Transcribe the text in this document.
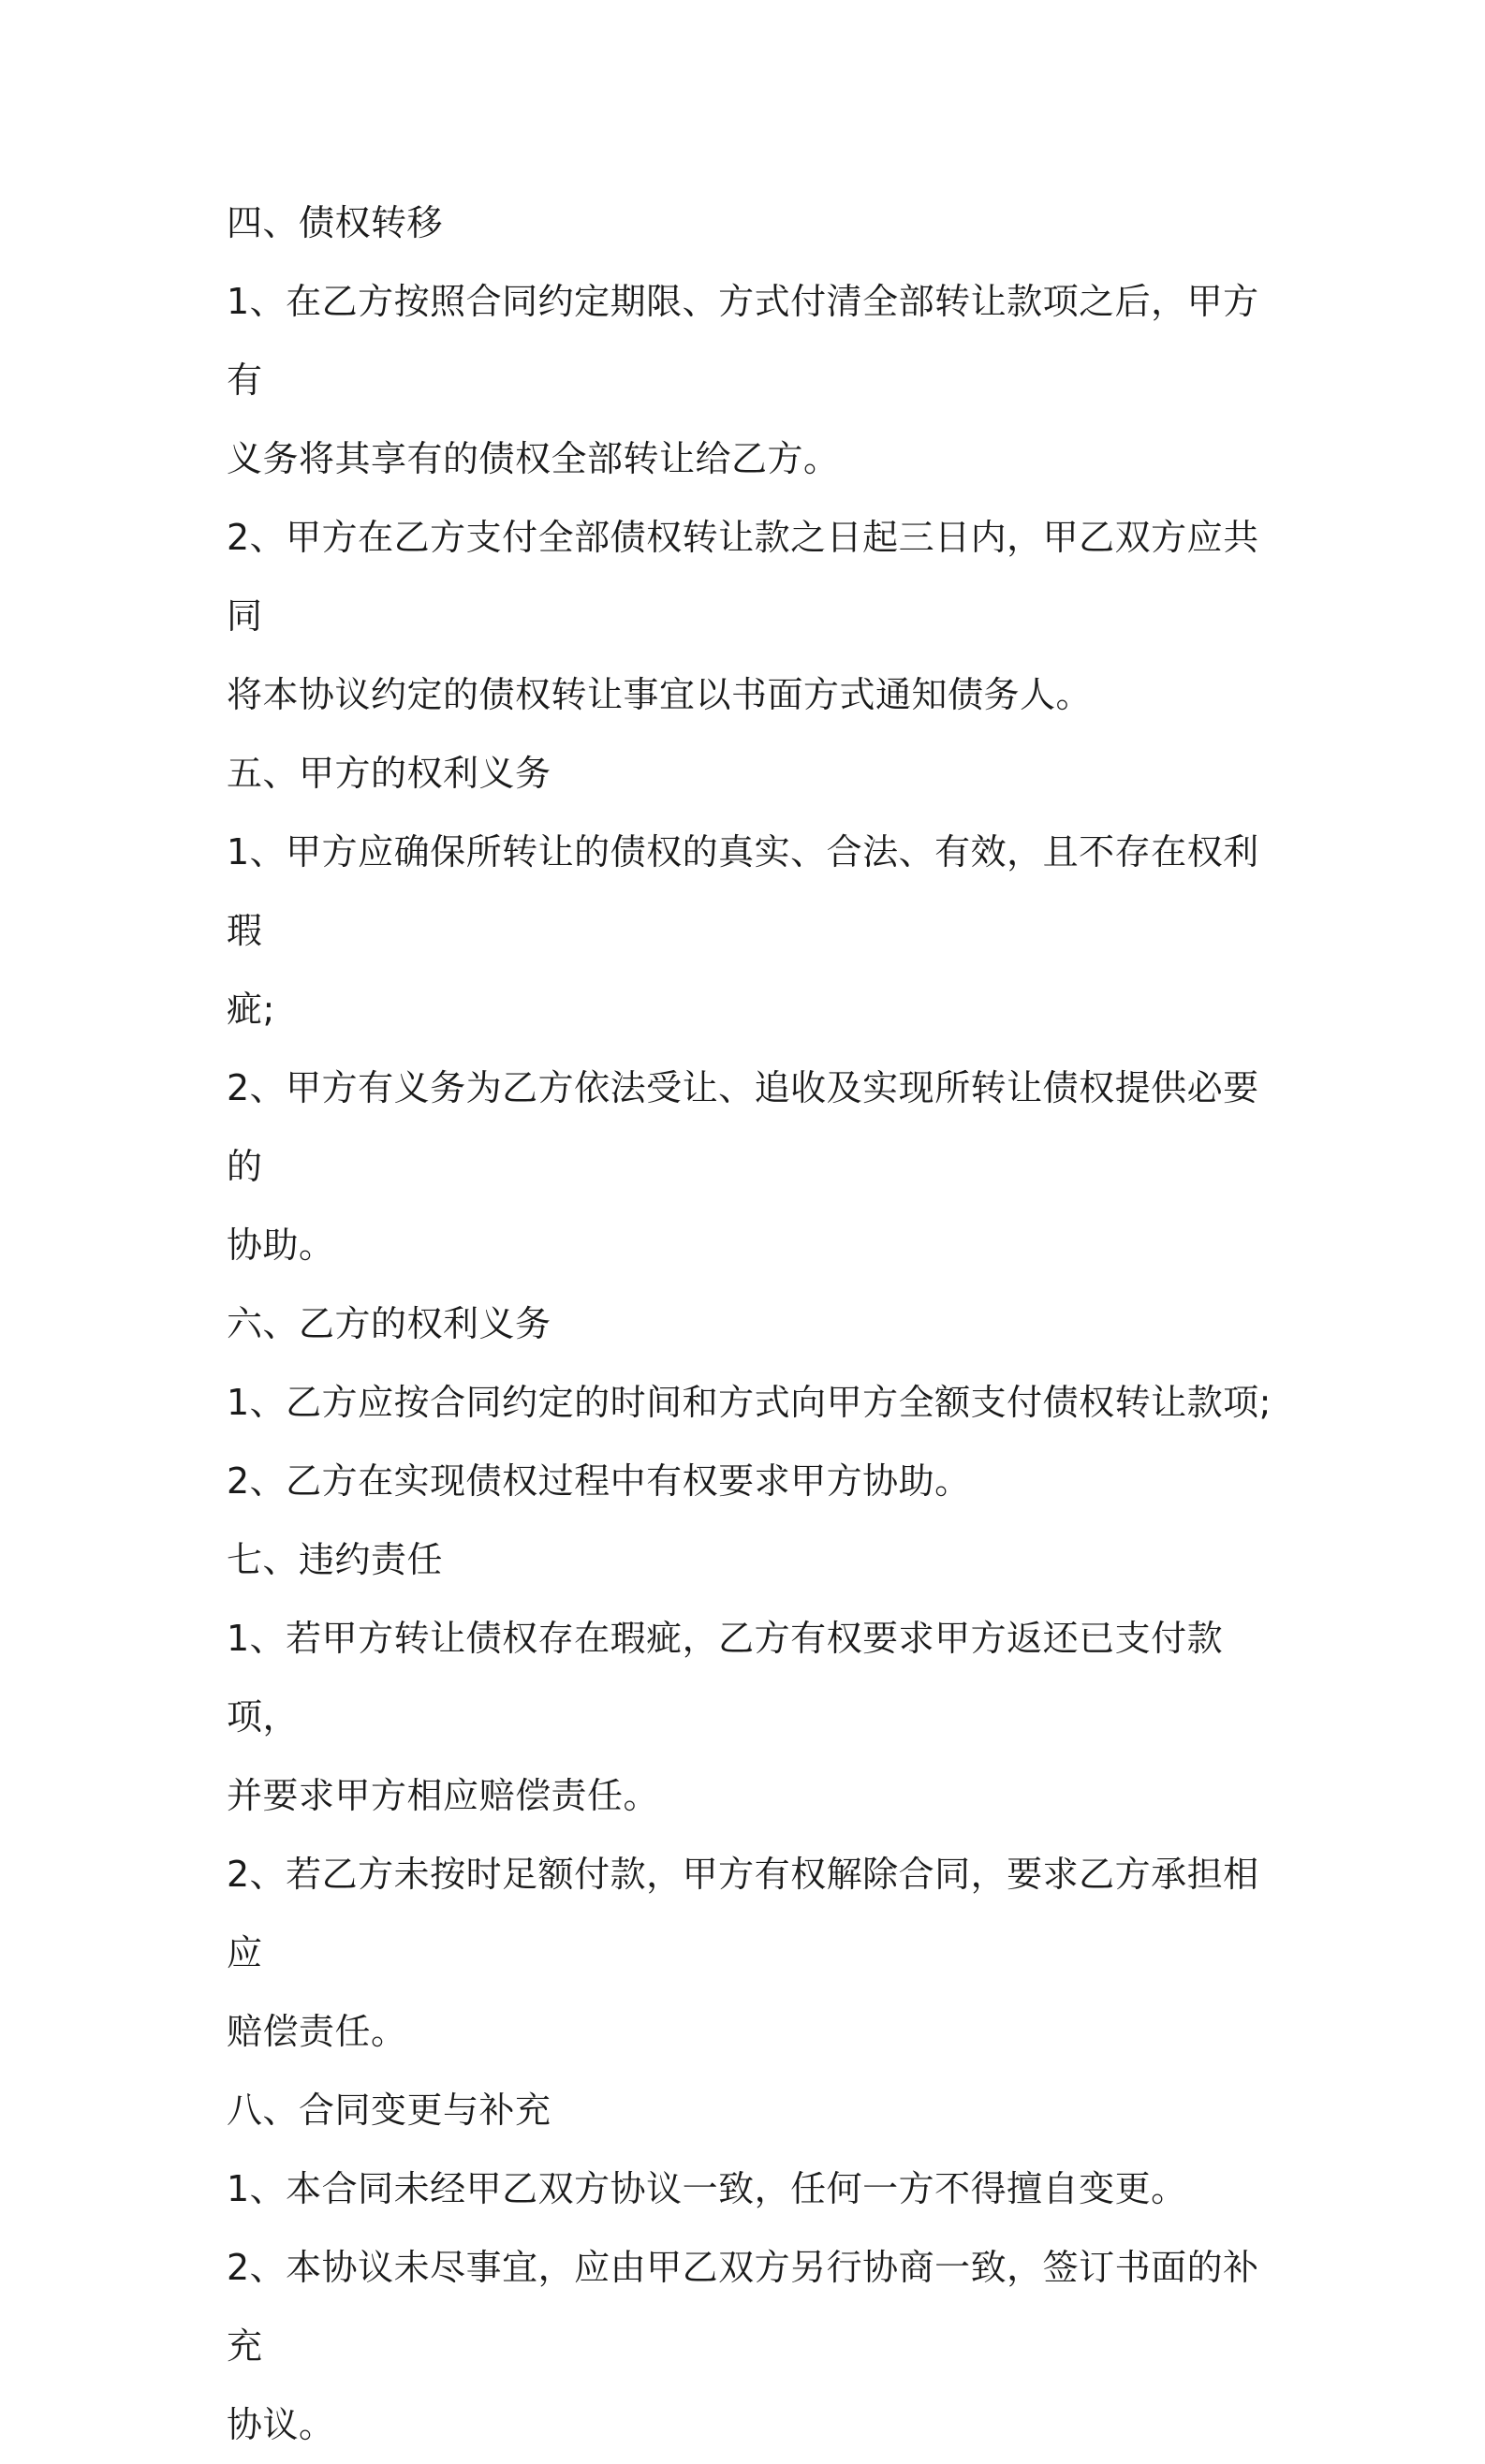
四、债权转移

1、在乙方按照合同约定期限、方式付清全部转让款项之后，甲方有

义务将其享有的债权全部转让给乙方。

2、甲方在乙方支付全部债权转让款之日起三日内，甲乙双方应共同

将本协议约定的债权转让事宜以书面方式通知债务人。

五、甲方的权利义务

1、甲方应确保所转让的债权的真实、合法、有效，且不存在权利瑕

疵;

2、甲方有义务为乙方依法受让、追收及实现所转让债权提供必要的

协助。

六、乙方的权利义务

1、乙方应按合同约定的时间和方式向甲方全额支付债权转让款项;

2、乙方在实现债权过程中有权要求甲方协助。

七、违约责任

1、若甲方转让债权存在瑕疵，乙方有权要求甲方返还已支付款项，

并要求甲方相应赔偿责任。

2、若乙方未按时足额付款，甲方有权解除合同，要求乙方承担相应

赔偿责任。

八、合同变更与补充

1、本合同未经甲乙双方协议一致，任何一方不得擅自变更。

2、本协议未尽事宜，应由甲乙双方另行协商一致，签订书面的补充

协议。
